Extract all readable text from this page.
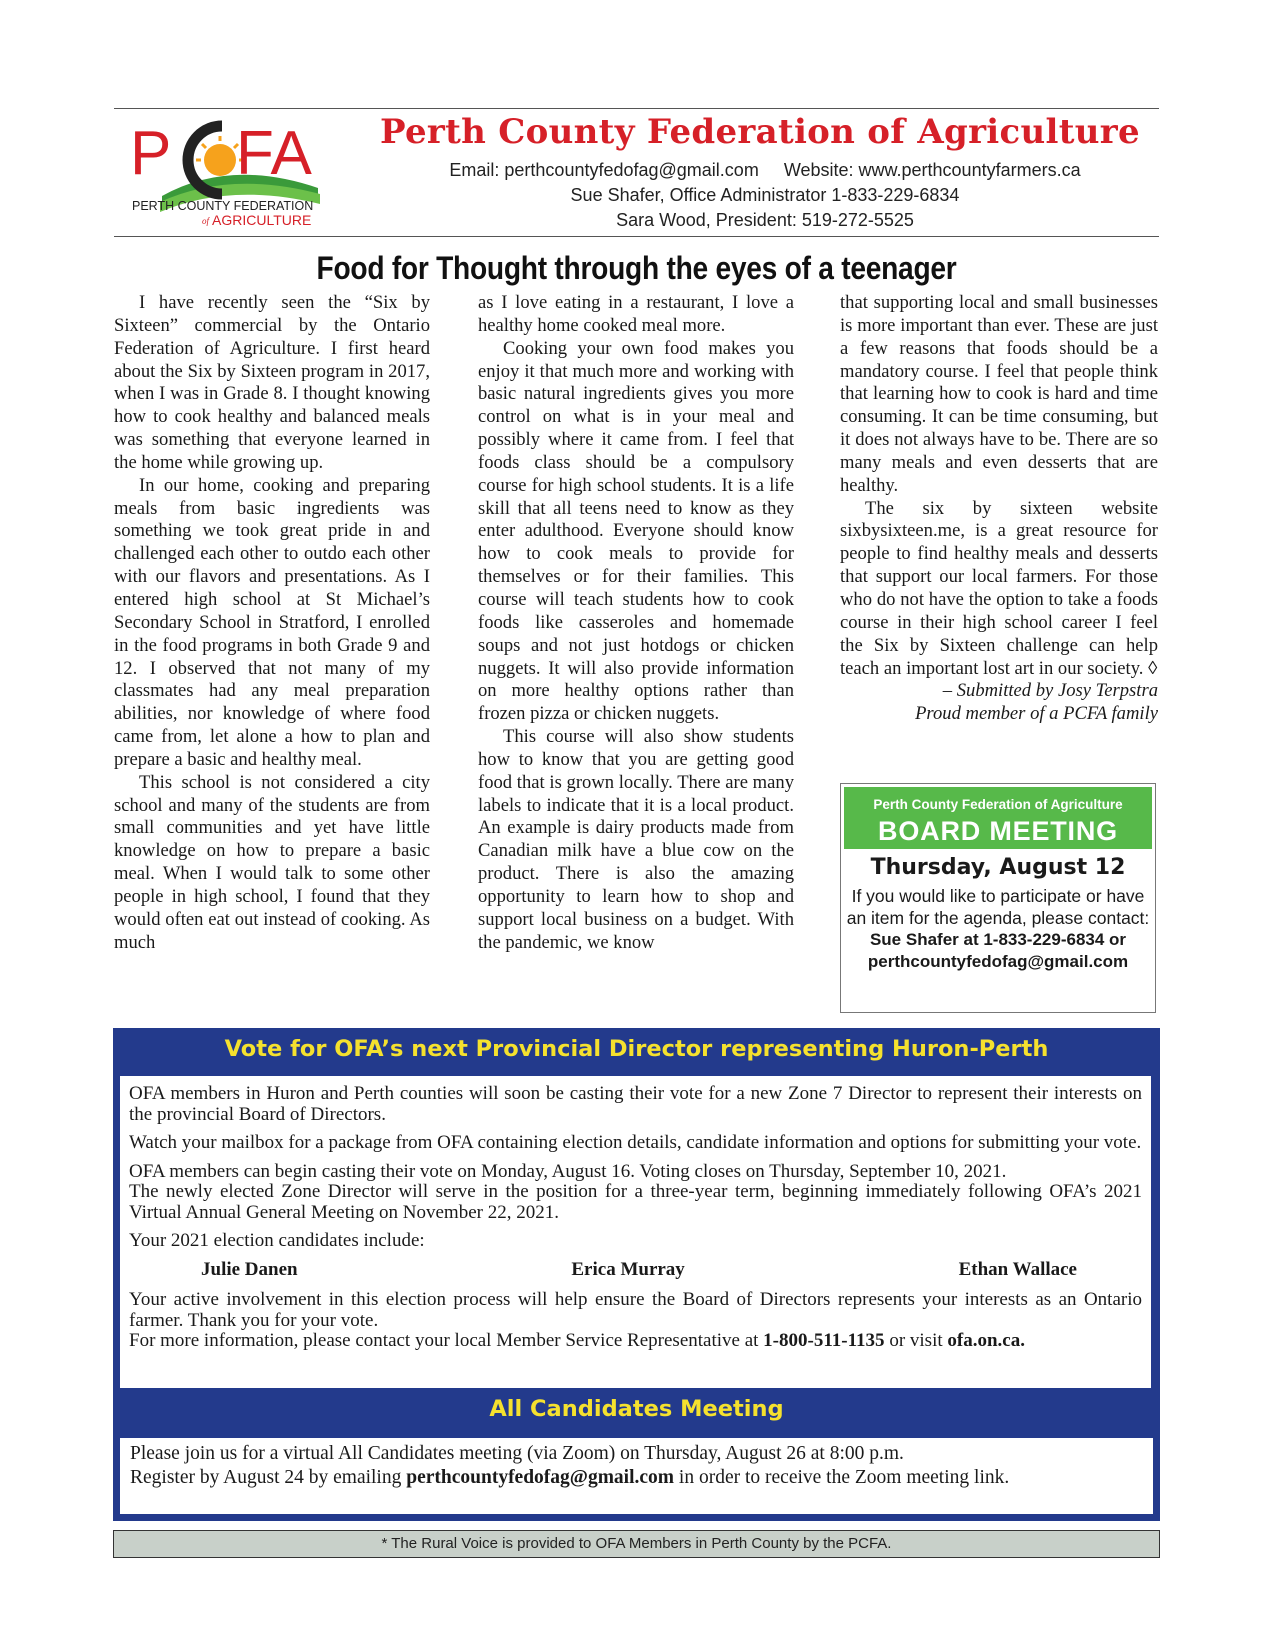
P FA
PERTH COUNTY FEDERATION
of AGRICULTURE
Perth County Federation of Agriculture
Email: perthcountyfedofag@gmail.com     Website: www.perthcountyfarmers.ca
Sue Shafer, Office Administrator 1-833-229-6834
Sara Wood, President: 519-272-5525
Food for Thought through the eyes of a teenager

I have recently seen the “Six by Sixteen” commercial by the Ontario Federation of Agriculture. I first heard about the Six by Sixteen program in 2017, when I was in Grade 8. I thought knowing how to cook healthy and balanced meals was something that everyone learned in the home while growing up.

In our home, cooking and preparing meals from basic ingredients was something we took great pride in and challenged each other to outdo each other with our flavors and presentations. As I entered high school at St Michael’s Secondary School in Stratford, I enrolled in the food programs in both Grade 9 and 12. I observed that not many of my classmates had any meal preparation abilities, nor knowledge of where food came from, let alone a how to plan and prepare a basic and healthy meal.

This school is not considered a city school and many of the students are from small communities and yet have little knowledge on how to prepare a basic meal. When I would talk to some other people in high school, I found that they would often eat out instead of cooking. As much

as I love eating in a restaurant, I love a healthy home cooked meal more.

Cooking your own food makes you enjoy it that much more and working with basic natural ingredients gives you more control on what is in your meal and possibly where it came from. I feel that foods class should be a compulsory course for high school students. It is a life skill that all teens need to know as they enter adulthood. Everyone should know how to cook meals to provide for themselves or for their families. This course will teach students how to cook foods like casseroles and homemade soups and not just hotdogs or chicken nuggets. It will also provide information on more healthy options rather than frozen pizza or chicken nuggets.

This course will also show students how to know that you are getting good food that is grown locally. There are many labels to indicate that it is a local product. An example is dairy products made from Canadian milk have a blue cow on the product. There is also the amazing opportunity to learn how to shop and support local business on a budget. With the pandemic, we know

that supporting local and small businesses is more important than ever. These are just a few reasons that foods should be a mandatory course. I feel that people think that learning how to cook is hard and time consuming. It can be time consuming, but it does not always have to be. There are so many meals and even desserts that are healthy.

The six by sixteen website sixbysixteen.me, is a great resource for people to find healthy meals and desserts that support our local farmers. For those who do not have the option to take a foods course in their high school career I feel the Six by Sixteen challenge can help teach an important lost art in our society. ◊

– Submitted by Josy Terpstra

Proud member of a PCFA family

Perth County Federation of Agriculture
BOARD MEETING
Thursday, August 12
If you would like to participate or have an item for the agenda, please contact:
Sue Shafer at 1-833-229-6834 or
perthcountyfedofag@gmail.com
Vote for OFA’s next Provincial Director representing Huron-Perth

OFA members in Huron and Perth counties will soon be casting their vote for a new Zone 7 Director to represent their interests on the provincial Board of Directors.

Watch your mailbox for a package from OFA containing election details, candidate information and options for submitting your vote.

OFA members can begin casting their vote on Monday, August 16. Voting closes on Thursday, September 10, 2021.

The newly elected Zone Director will serve in the position for a three-year term, beginning immediately following OFA’s 2021 Virtual Annual General Meeting on November 22, 2021.

Your 2021 election candidates include:

Julie Danen	Erica Murray	Ethan Wallace

Your active involvement in this election process will help ensure the Board of Directors represents your interests as an Ontario farmer. Thank you for your vote.

For more information, please contact your local Member Service Representative at 1-800-511-1135 or visit ofa.on.ca.

All Candidates Meeting
Please join us for a virtual All Candidates meeting (via Zoom) on Thursday, August 26 at 8:00 p.m.
Register by August 24 by emailing perthcountyfedofag@gmail.com in order to receive the Zoom meeting link.
* The Rural Voice is provided to OFA Members in Perth County by the PCFA.
